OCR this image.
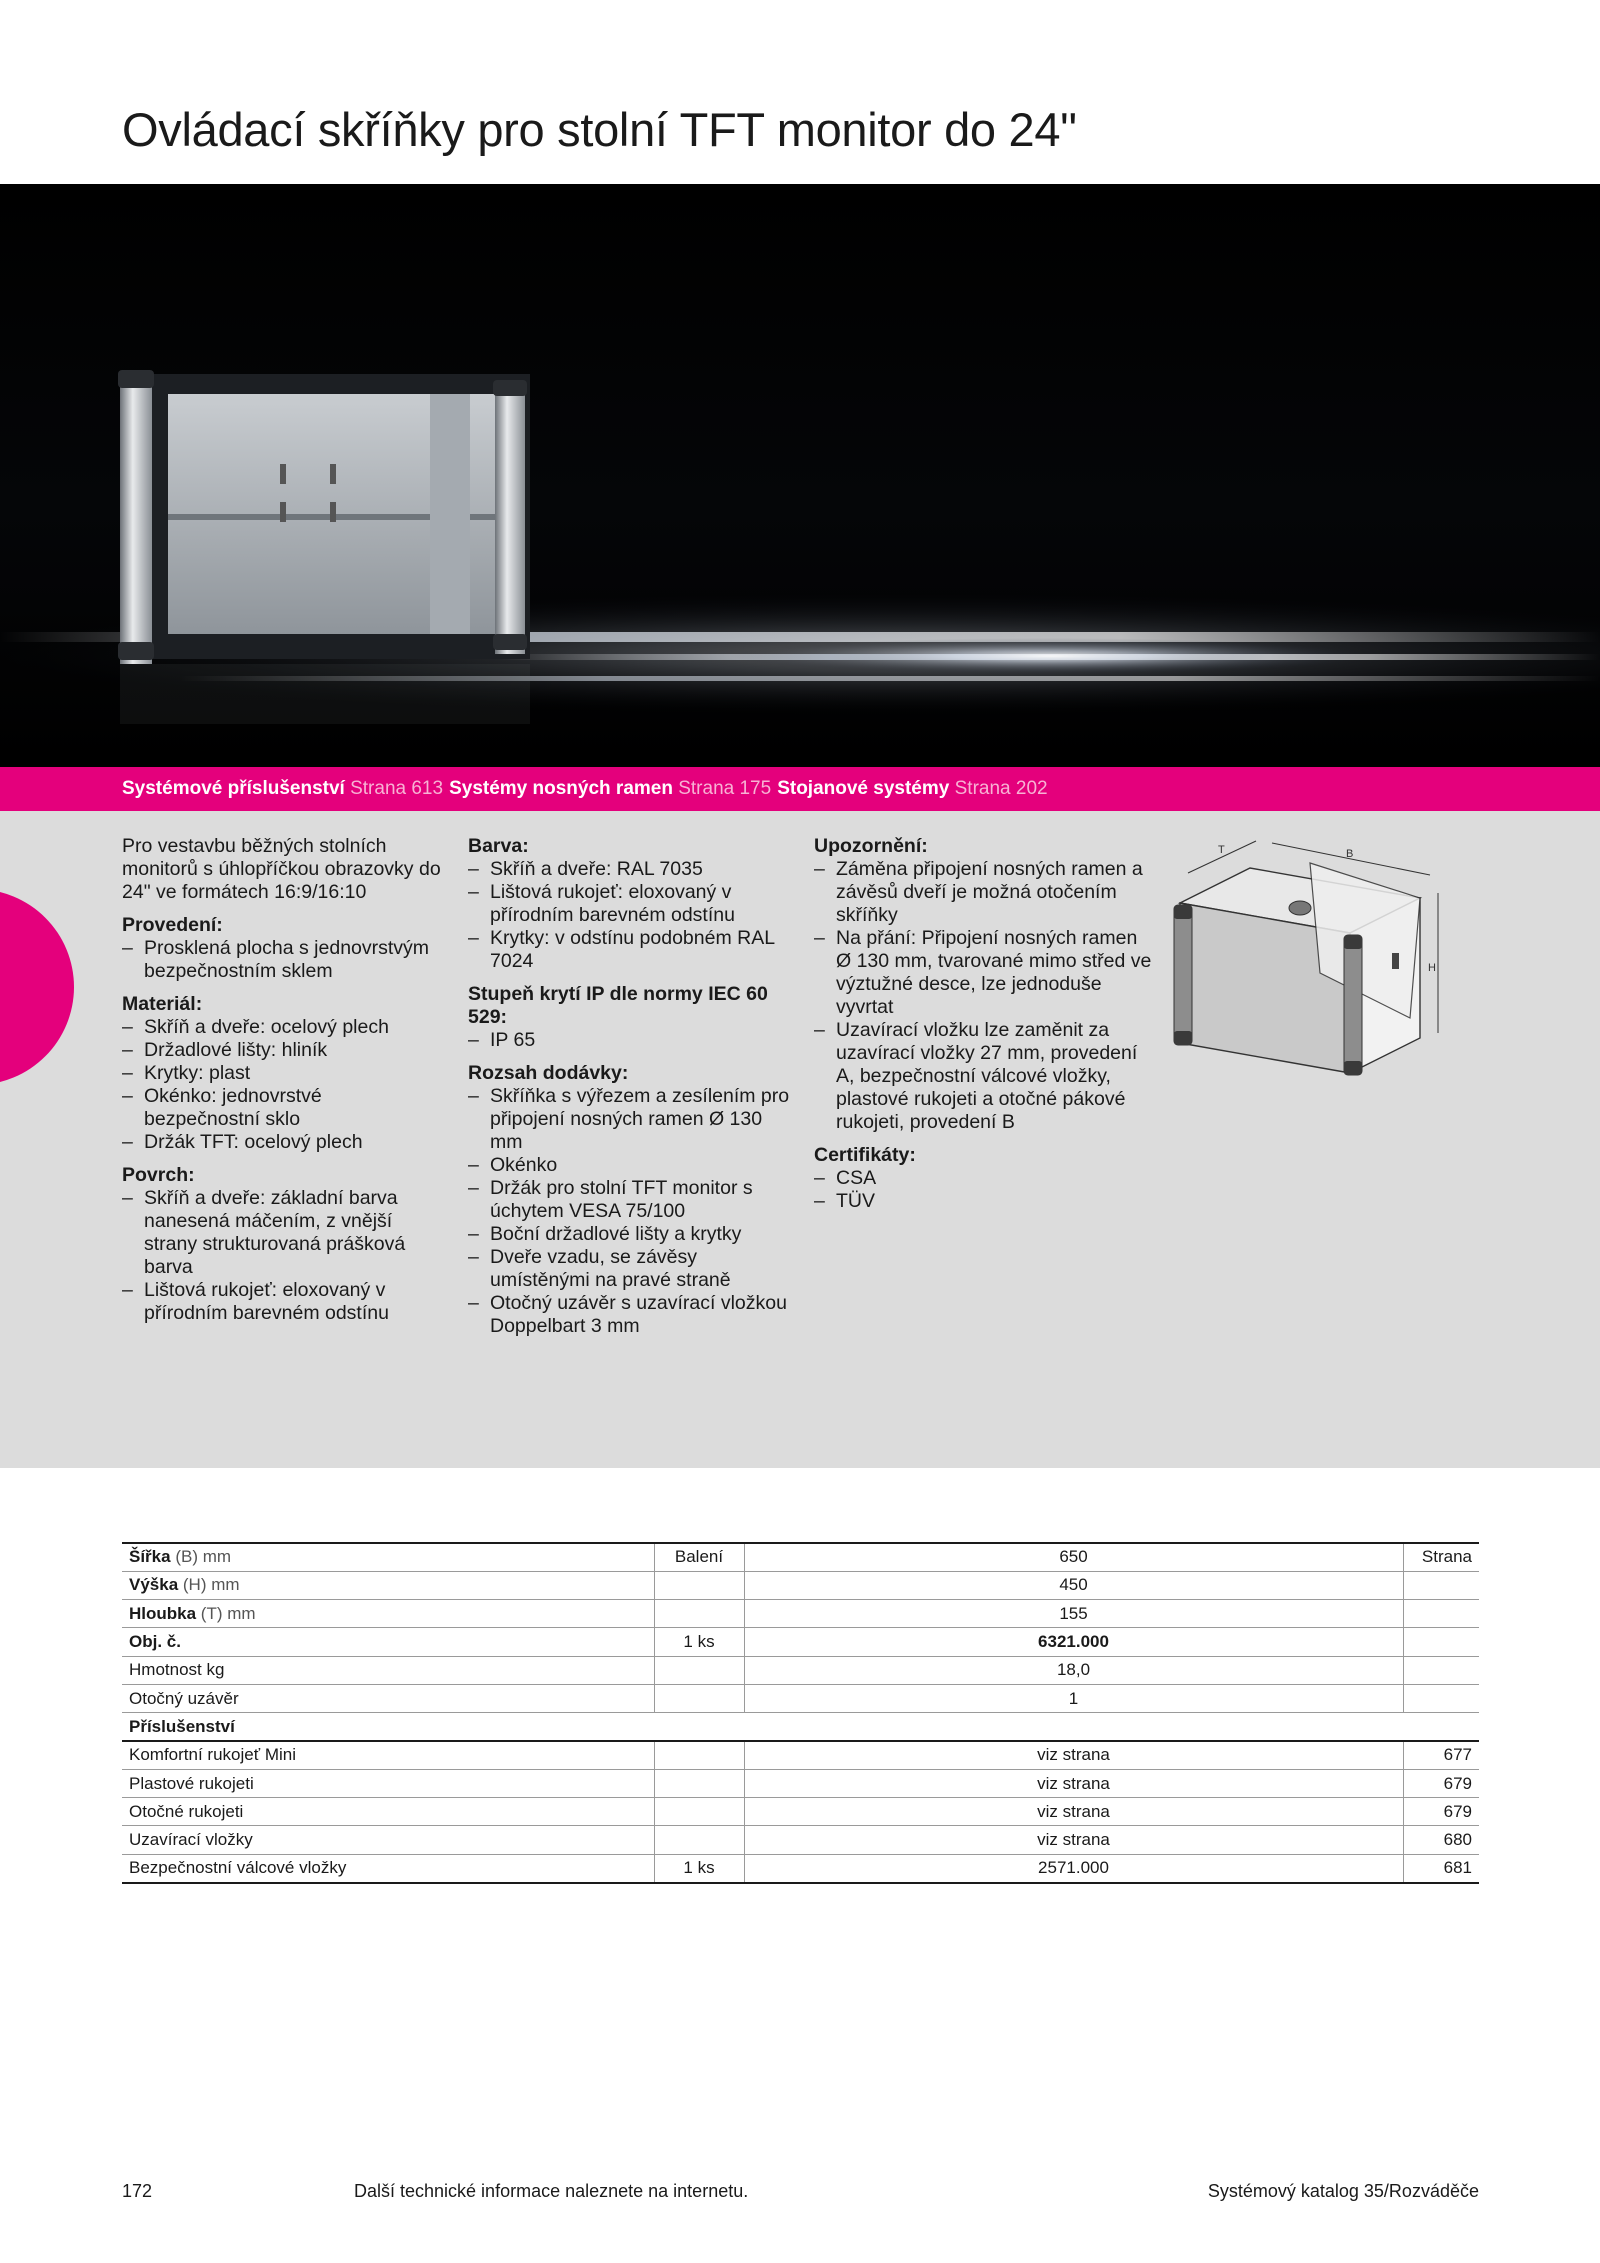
Ovládací skříňky pro stolní TFT monitor do 24"
Systémové příslušenství Strana 613 Systémy nosných ramen Strana 175 Stojanové systémy Strana 202

Pro vestavbu běžných stolních monitorů s úhlopříčkou obrazovky do 24" ve formátech 16:9/16:10

Provedení:

– Prosklená plocha s jednovrstvým bezpečnostním sklem

Materiál:

– Skříň a dveře: ocelový plech
– Držadlové lišty: hliník
– Krytky: plast
– Okénko: jednovrstvé bezpečnostní sklo
– Držák TFT: ocelový plech

Povrch:

– Skříň a dveře: základní barva nanesená máčením, z vnější strany strukturovaná prášková barva
– Lištová rukojeť: eloxovaný v přírodním barevném odstínu

Barva:

– Skříň a dveře: RAL 7035
– Lištová rukojeť: eloxovaný v přírodním barevném odstínu
– Krytky: v odstínu podobném RAL 7024

Stupeň krytí IP dle normy IEC 60 529:

– IP 65

Rozsah dodávky:

– Skříňka s výřezem a zesílením pro připojení nosných ramen Ø 130 mm
– Okénko
– Držák pro stolní TFT monitor s úchytem VESA 75/100
– Boční držadlové lišty a krytky
– Dveře vzadu, se závěsy umístěnými na pravé straně
– Otočný uzávěr s uzavírací vložkou Doppelbart 3 mm

Upozornění:

– Záměna připojení nosných ramen a závěsů dveří je možná otočením skříňky
– Na přání: Připojení nosných ramen Ø 130 mm, tvarované mimo střed ve výztužné desce, lze jednoduše vyvrtat
– Uzavírací vložku lze zaměnit za uzavírací vložky 27 mm, provedení A, bezpečnostní válcové vložky, plastové rukojeti a otočné pákové rukojeti, provedení B

Certifikáty:

– CSA
– TÜV
T	B
H
Šířka (B) mm	Balení	650	Strana
Výška (H) mm		450	
Hloubka (T) mm		155	
Obj. č.	1 ks	6321.000	
Hmotnost kg		18,0	
Otočný uzávěr		1	
Příslušenství			
Komfortní rukojeť Mini		viz strana	677
Plastové rukojeti		viz strana	679
Otočné rukojeti		viz strana	679
Uzavírací vložky		viz strana	680
Bezpečnostní válcové vložky	1 ks	2571.000	681
172	Další technické informace naleznete na internetu.	Systémový katalog 35/Rozváděče
